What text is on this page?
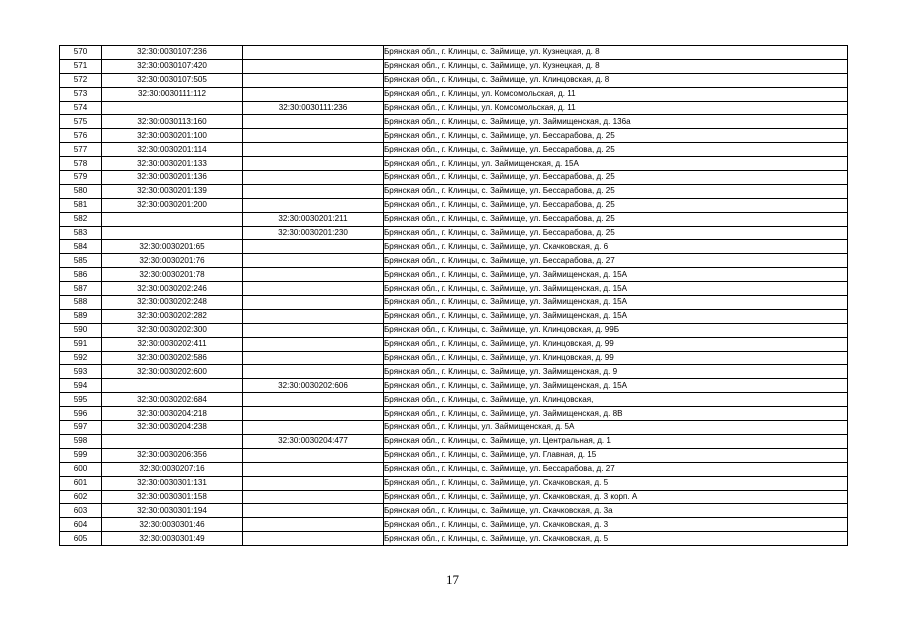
570	32:30:0030107:236		Брянская обл., г. Клинцы, с. Займище, ул. Кузнецкая, д. 8
571	32:30:0030107:420		Брянская обл., г. Клинцы, с. Займище, ул. Кузнецкая, д. 8
572	32:30:0030107:505		Брянская обл., г. Клинцы, с. Займище, ул. Клинцовская, д. 8
573	32:30:0030111:112		Брянская обл., г. Клинцы, ул. Комсомольская, д. 11
574		32:30:0030111:236	Брянская обл., г. Клинцы, ул. Комсомольская, д. 11
575	32:30:0030113:160		Брянская обл., г. Клинцы, с. Займище, ул. Займищенская, д. 136а
576	32:30:0030201:100		Брянская обл., г. Клинцы, с. Займище, ул. Бессарабова, д. 25
577	32:30:0030201:114		Брянская обл., г. Клинцы, с. Займище, ул. Бессарабова, д. 25
578	32:30:0030201:133		Брянская обл., г. Клинцы, ул. Займищенская, д. 15А
579	32:30:0030201:136		Брянская обл., г. Клинцы, с. Займище, ул. Бессарабова, д. 25
580	32:30:0030201:139		Брянская обл., г. Клинцы, с. Займище, ул. Бессарабова, д. 25
581	32:30:0030201:200		Брянская обл., г. Клинцы, с. Займище, ул. Бессарабова, д. 25
582		32:30:0030201:211	Брянская обл., г. Клинцы, с. Займище, ул. Бессарабова, д. 25
583		32:30:0030201:230	Брянская обл., г. Клинцы, с. Займище, ул. Бессарабова, д. 25
584	32:30:0030201:65		Брянская обл., г. Клинцы, с. Займище, ул. Скачковская, д. 6
585	32:30:0030201:76		Брянская обл., г. Клинцы, с. Займище, ул. Бессарабова, д. 27
586	32:30:0030201:78		Брянская обл., г. Клинцы, с. Займище, ул. Займищенская, д. 15А
587	32:30:0030202:246		Брянская обл., г. Клинцы, с. Займище, ул. Займищенская, д. 15А
588	32:30:0030202:248		Брянская обл., г. Клинцы, с. Займище, ул. Займищенская, д. 15А
589	32:30:0030202:282		Брянская обл., г. Клинцы, с. Займище, ул. Займищенская, д. 15А
590	32:30:0030202:300		Брянская обл., г. Клинцы, с. Займище, ул. Клинцовская, д. 99Б
591	32:30:0030202:411		Брянская обл., г. Клинцы, с. Займище, ул. Клинцовская, д. 99
592	32:30:0030202:586		Брянская обл., г. Клинцы, с. Займище, ул. Клинцовская, д. 99
593	32:30:0030202:600		Брянская обл., г. Клинцы, с. Займище, ул. Займищенская, д. 9
594		32:30:0030202:606	Брянская обл., г. Клинцы, с. Займище, ул. Займищенская, д. 15А
595	32:30:0030202:684		Брянская обл., г. Клинцы, с. Займище, ул. Клинцовская,
596	32:30:0030204:218		Брянская обл., г. Клинцы, с. Займище, ул. Займищенская, д. 8В
597	32:30:0030204:238		Брянская обл., г. Клинцы, ул. Займищенская, д. 5А
598		32:30:0030204:477	Брянская обл., г. Клинцы, с. Займище, ул. Центральная, д. 1
599	32:30:0030206:356		Брянская обл., г. Клинцы, с. Займище, ул. Главная, д. 15
600	32:30:0030207:16		Брянская обл., г. Клинцы, с. Займище, ул. Бессарабова, д. 27
601	32:30:0030301:131		Брянская обл., г. Клинцы, с. Займище, ул. Скачковская, д. 5
602	32:30:0030301:158		Брянская обл., г. Клинцы, с. Займище, ул. Скачковская, д. 3 корп. А
603	32:30:0030301:194		Брянская обл., г. Клинцы, с. Займище, ул. Скачковская, д. 3а
604	32:30:0030301:46		Брянская обл., г. Клинцы, с. Займище, ул. Скачковская, д. 3
605	32:30:0030301:49		Брянская обл., г. Клинцы, с. Займище, ул. Скачковская, д. 5
17
